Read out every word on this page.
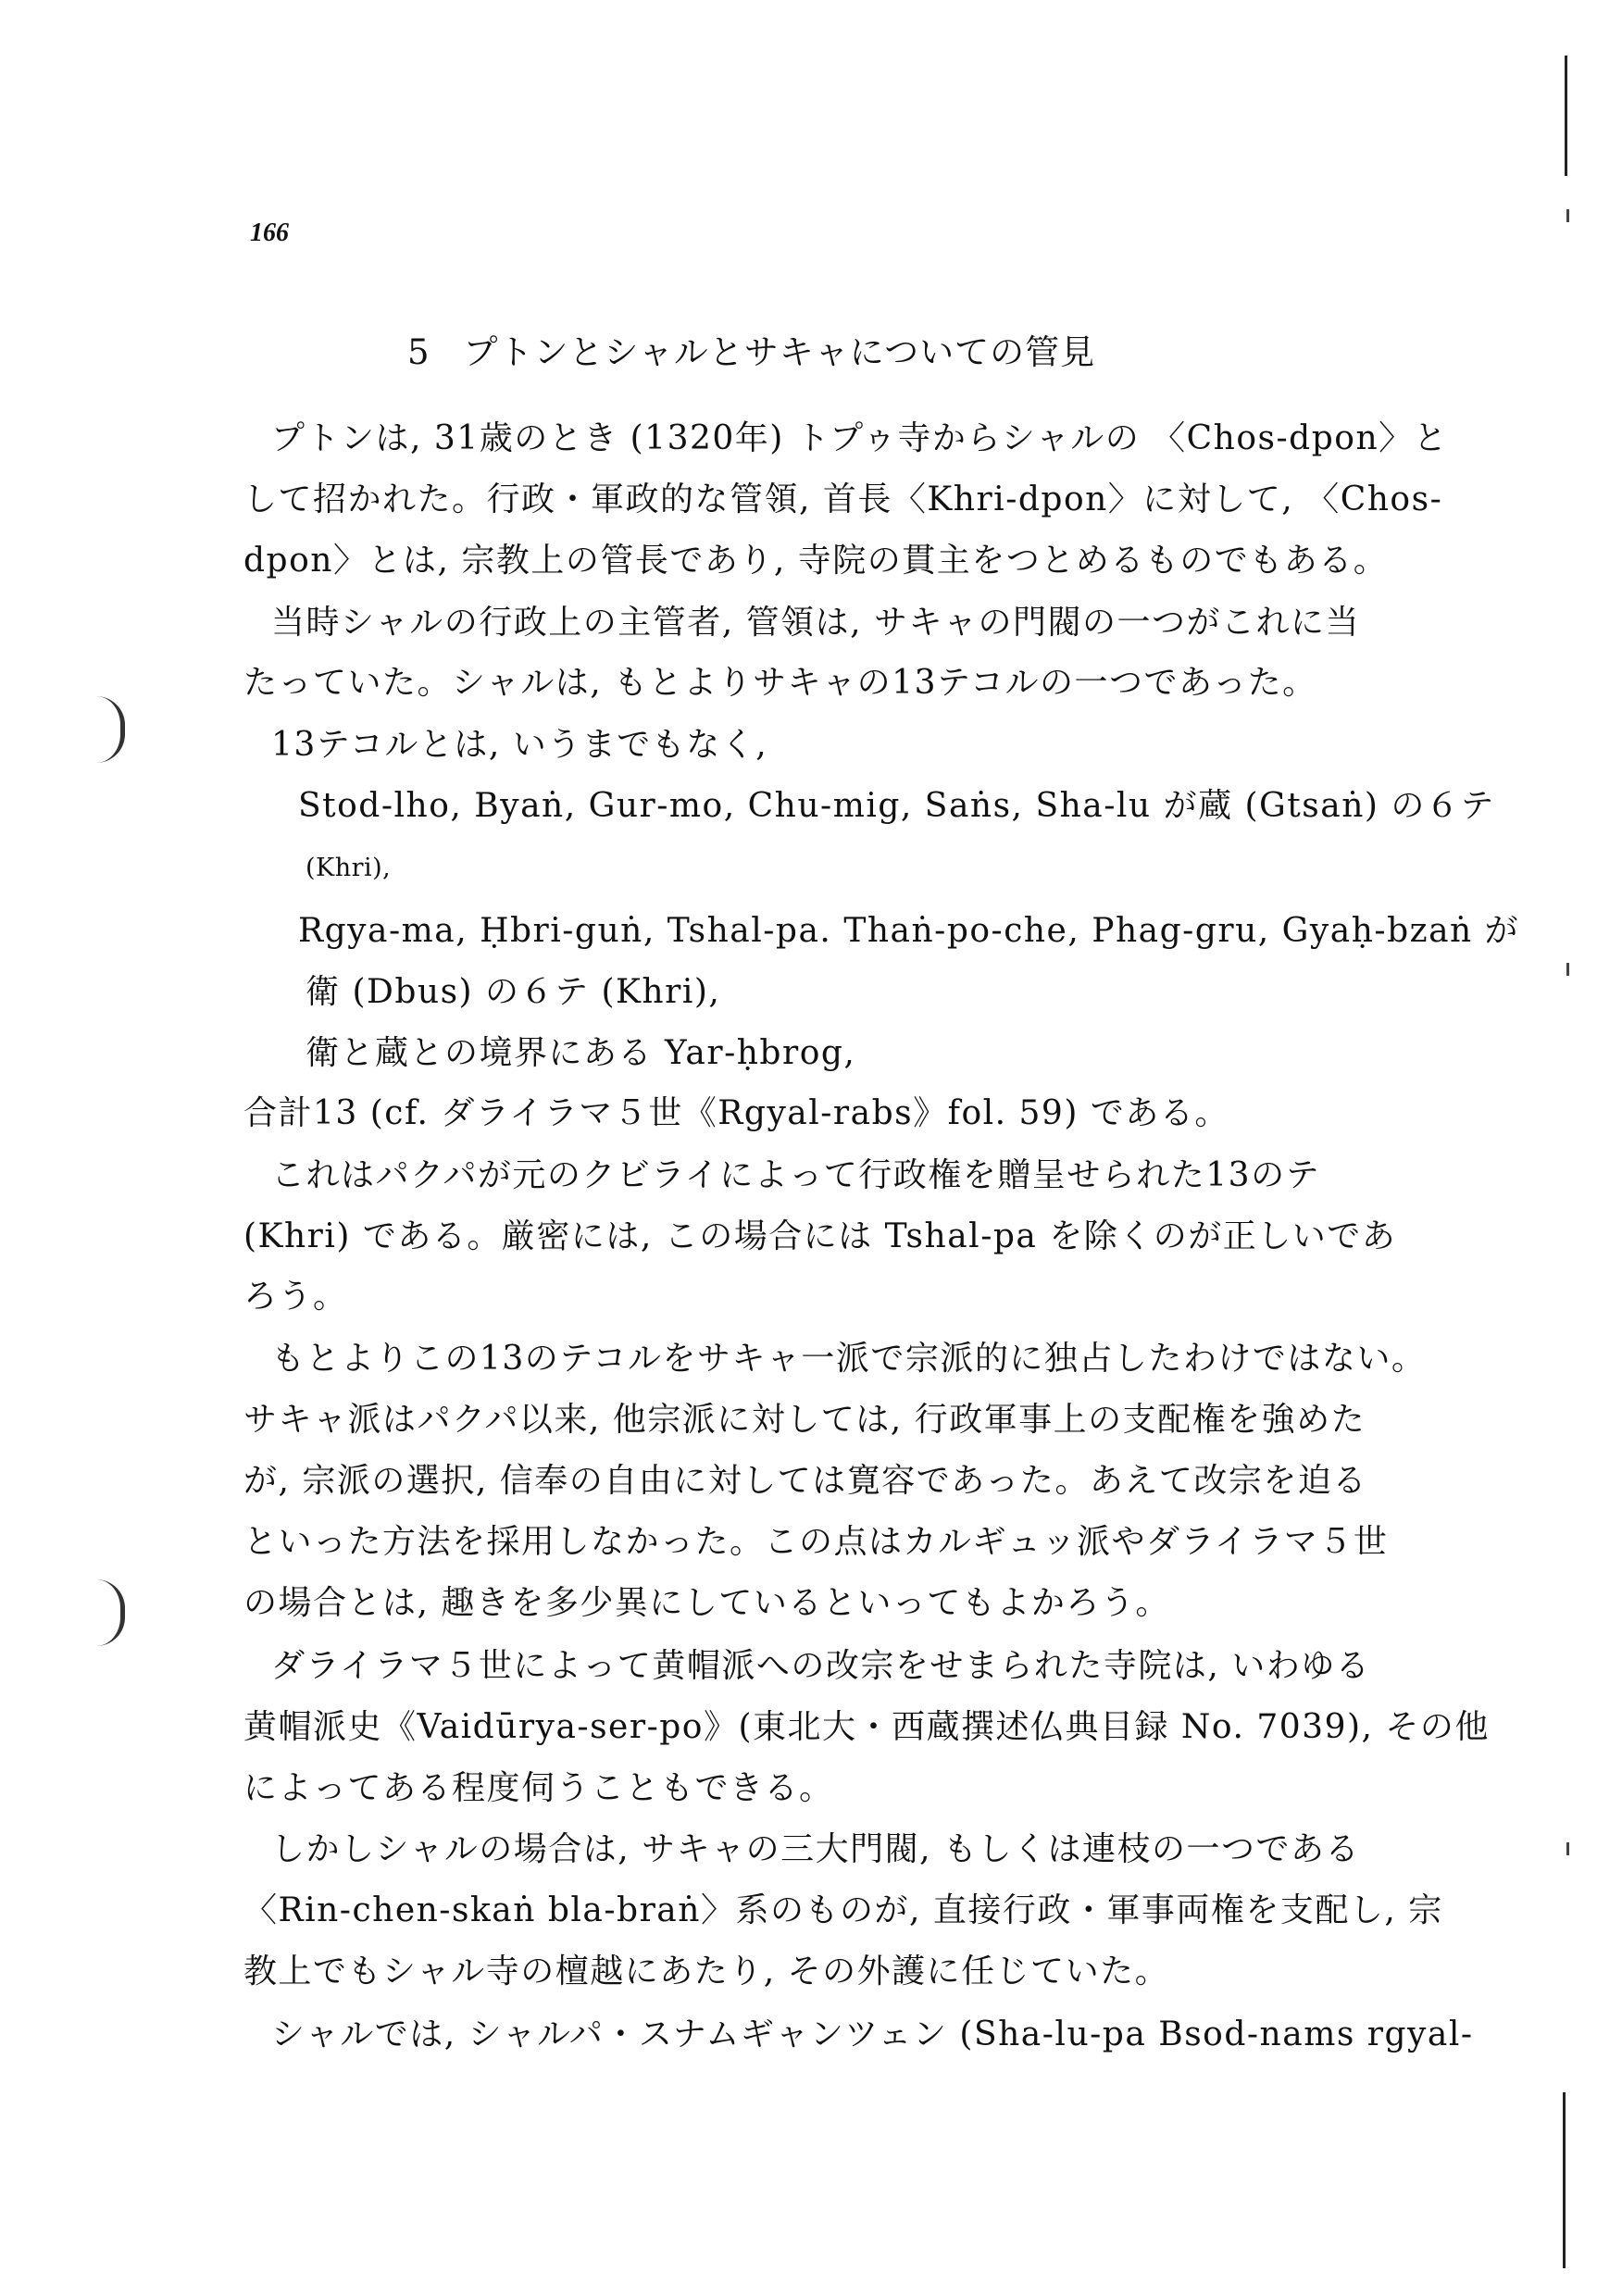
166
5 プトンとシャルとサキャについての管見
プトンは, 31歳のとき (1320年) トプゥ寺からシャルの 〈Chos-dpon〉と
して招かれた。行政・軍政的な管領, 首長〈Khri-dpon〉に対して, 〈Chos-
dpon〉とは, 宗教上の管長であり, 寺院の貫主をつとめるものでもある。
当時シャルの行政上の主管者, 管領は, サキャの門閥の一つがこれに当
たっていた。シャルは, もとよりサキャの13テコルの一つであった。
13テコルとは, いうまでもなく,
Stod-lho, Byaṅ, Gur-mo, Chu-mig, Saṅs, Sha-lu が蔵 (Gtsaṅ) の６テ
(Khri),
Rgya-ma, Ḥbri-guṅ, Tshal-pa. Thaṅ-po-che, Phag-gru, Gyaḥ-bzaṅ が
衛 (Dbus) の６テ (Khri),
衛と蔵との境界にある Yar-ḥbrog,
合計13 (cf. ダライラマ５世《Rgyal-rabs》fol. 59) である。
これはパクパが元のクビライによって行政権を贈呈せられた13のテ
(Khri) である。厳密には, この場合には Tshal-pa を除くのが正しいであ
ろう。
もとよりこの13のテコルをサキャ一派で宗派的に独占したわけではない。
サキャ派はパクパ以来, 他宗派に対しては, 行政軍事上の支配権を強めた
が, 宗派の選択, 信奉の自由に対しては寛容であった。あえて改宗を迫る
といった方法を採用しなかった。この点はカルギュッ派やダライラマ５世
の場合とは, 趣きを多少異にしているといってもよかろう。
ダライラマ５世によって黄帽派への改宗をせまられた寺院は, いわゆる
黄帽派史《Vaidūrya-ser-po》(東北大・西蔵撰述仏典目録 No. 7039), その他
によってある程度伺うこともできる。
しかしシャルの場合は, サキャの三大門閥, もしくは連枝の一つである
〈Rin-chen-skaṅ bla-braṅ〉系のものが, 直接行政・軍事両権を支配し, 宗
教上でもシャル寺の檀越にあたり, その外護に任じていた。
シャルでは, シャルパ・スナムギャンツェン (Sha-lu-pa Bsod-nams rgyal-
